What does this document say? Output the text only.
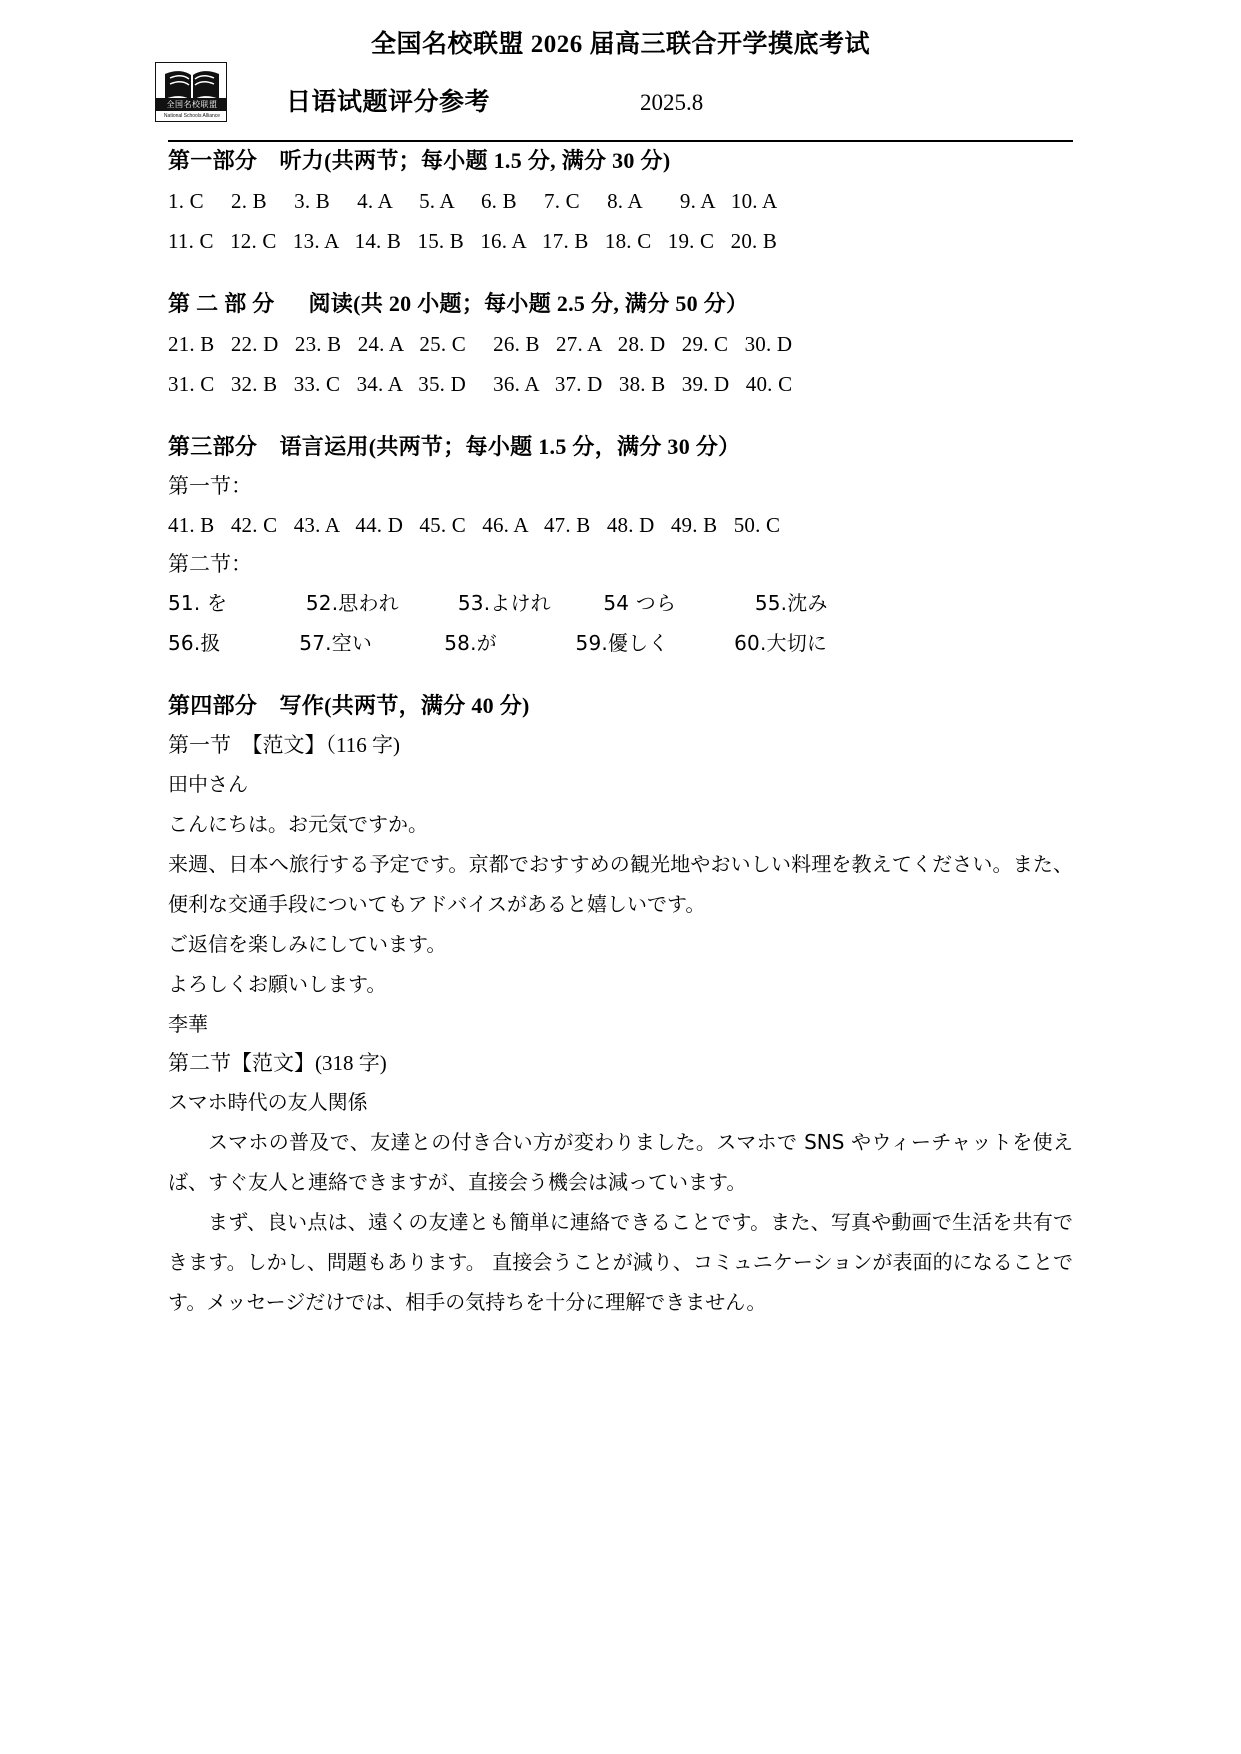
全国名校联盟
National Schools Alliance
全国名校联盟 2026 届高三联合开学摸底考试
日语试题评分参考	2025.8
第一部分　听力(共两节；每小题 1.5 分, 满分 30 分)
1. C     2. B     3. B     4. A     5. A     6. B     7. C     8. A       9. A   10. A
11. C   12. C   13. A   14. B   15. B   16. A   17. B   18. C   19. C   20. B
第 二 部 分 　 阅读(共 20 小题；每小题 2.5 分, 满分 50 分）
21. B   22. D   23. B   24. A   25. C     26. B   27. A   28. D   29. C   30. D
31. C   32. B   33. C   34. A   35. D     36. A   37. D   38. B   39. D   40. C
第三部分　语言运用(共两节；每小题 1.5 分，满分 30 分）
第一节：
41. B   42. C   43. A   44. D   45. C   46. A   47. B   48. D   49. B   50. C
第二节：
51. を            52.思われ         53.よけれ        54 つら            55.沈み
56.扱            57.空い           58.が            59.優しく          60.大切に
第四部分　写作(共两节，满分 40 分)
第一节　【范文】（116 字)
田中さん
こんにちは。お元気ですか。
来週、日本へ旅行する予定です。京都でおすすめの観光地やおいしい料理を教えてください。また、便利な交通手段についてもアドバイスがあると嬉しいです。
ご返信を楽しみにしています。
よろしくお願いします。
李華
第二节【范文】(318 字)
スマホ時代の友人関係
スマホの普及で、友達との付き合い方が変わりました。スマホで SNS やウィーチャットを使えば、すぐ友人と連絡できますが、直接会う機会は減っています。
まず、良い点は、遠くの友達とも簡単に連絡できることです。また、写真や動画で生活を共有できます。しかし、問題もあります。 直接会うことが減り、コミュニケーションが表面的になることです。メッセージだけでは、相手の気持ちを十分に理解できません。
